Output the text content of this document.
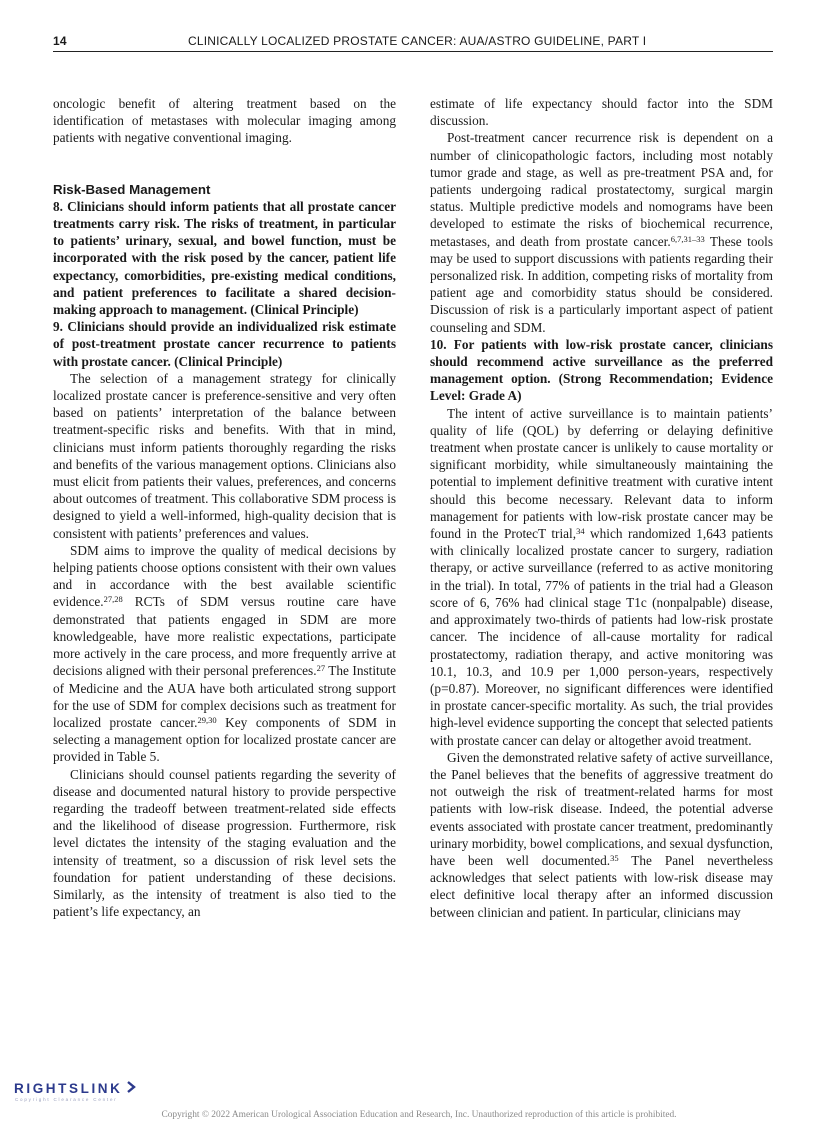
14	CLINICALLY LOCALIZED PROSTATE CANCER: AUA/ASTRO GUIDELINE, PART I

oncologic benefit of altering treatment based on the identification of metastases with molecular imaging among patients with negative conventional imaging.

Risk-Based Management

8. Clinicians should inform patients that all prostate cancer treatments carry risk. The risks of treatment, in particular to patients’ urinary, sexual, and bowel function, must be incorporated with the risk posed by the cancer, patient life expectancy, comorbidities, pre-existing medical conditions, and patient preferences to facilitate a shared decision-making approach to management. (Clinical Principle)

9. Clinicians should provide an individualized risk estimate of post-treatment prostate cancer recurrence to patients with prostate cancer. (Clinical Principle)

The selection of a management strategy for clinically localized prostate cancer is preference-sensitive and very often based on patients’ interpretation of the balance between treatment-specific risks and benefits. With that in mind, clinicians must inform patients thoroughly regarding the risks and benefits of the various management options. Clinicians also must elicit from patients their values, preferences, and concerns about outcomes of treatment. This collaborative SDM process is designed to yield a well-informed, high-quality decision that is consistent with patients’ preferences and values.

SDM aims to improve the quality of medical decisions by helping patients choose options consistent with their own values and in accordance with the best available scientific evidence.$^{27,28}$ RCTs of SDM versus routine care have demonstrated that patients engaged in SDM are more knowledgeable, have more realistic expectations, participate more actively in the care process, and more frequently arrive at decisions aligned with their personal preferences.$^{27}$ The Institute of Medicine and the AUA have both articulated strong support for the use of SDM for complex decisions such as treatment for localized prostate cancer.$^{29,30}$ Key components of SDM in selecting a management option for localized prostate cancer are provided in Table 5.

Clinicians should counsel patients regarding the severity of disease and documented natural history to provide perspective regarding the tradeoff between treatment-related side effects and the likelihood of disease progression. Furthermore, risk level dictates the intensity of the staging evaluation and the intensity of treatment, so a discussion of risk level sets the foundation for patient understanding of these decisions. Similarly, as the intensity of treatment is also tied to the patient’s life expectancy, an

estimate of life expectancy should factor into the SDM discussion.

Post-treatment cancer recurrence risk is dependent on a number of clinicopathologic factors, including most notably tumor grade and stage, as well as pre-treatment PSA and, for patients undergoing radical prostatectomy, surgical margin status. Multiple predictive models and nomograms have been developed to estimate the risks of biochemical recurrence, metastases, and death from prostate cancer.$^{6,7,31-33}$ These tools may be used to support discussions with patients regarding their personalized risk. In addition, competing risks of mortality from patient age and comorbidity status should be considered. Discussion of risk is a particularly important aspect of patient counseling and SDM.

10. For patients with low-risk prostate cancer, clinicians should recommend active surveillance as the preferred management option. (Strong Recommendation; Evidence Level: Grade A)

The intent of active surveillance is to maintain patients’ quality of life (QOL) by deferring or delaying definitive treatment when prostate cancer is unlikely to cause mortality or significant morbidity, while simultaneously maintaining the potential to implement definitive treatment with curative intent should this become necessary. Relevant data to inform management for patients with low-risk prostate cancer may be found in the ProtecT trial,$^{34}$ which randomized 1,643 patients with clinically localized prostate cancer to surgery, radiation therapy, or active surveillance (referred to as active monitoring in the trial). In total, 77% of patients in the trial had a Gleason score of 6, 76% had clinical stage T1c (nonpalpable) disease, and approximately two-thirds of patients had low-risk prostate cancer. The incidence of all-cause mortality for radical prostatectomy, radiation therapy, and active monitoring was 10.1, 10.3, and 10.9 per 1,000 person-years, respectively (p=0.87). Moreover, no significant differences were identified in prostate cancer-specific mortality. As such, the trial provides high-level evidence supporting the concept that selected patients with prostate cancer can delay or altogether avoid treatment.

Given the demonstrated relative safety of active surveillance, the Panel believes that the benefits of aggressive treatment do not outweigh the risk of treatment-related harms for most patients with low-risk disease. Indeed, the potential adverse events associated with prostate cancer treatment, predominantly urinary morbidity, bowel complications, and sexual dysfunction, have been well documented.$^{35}$ The Panel nevertheless acknowledges that select patients with low-risk disease may elect definitive local therapy after an informed discussion between clinician and patient. In particular, clinicians may

RIGHTSLINK
Copyright Clearance Center
Copyright © 2022 American Urological Association Education and Research, Inc. Unauthorized reproduction of this article is prohibited.
